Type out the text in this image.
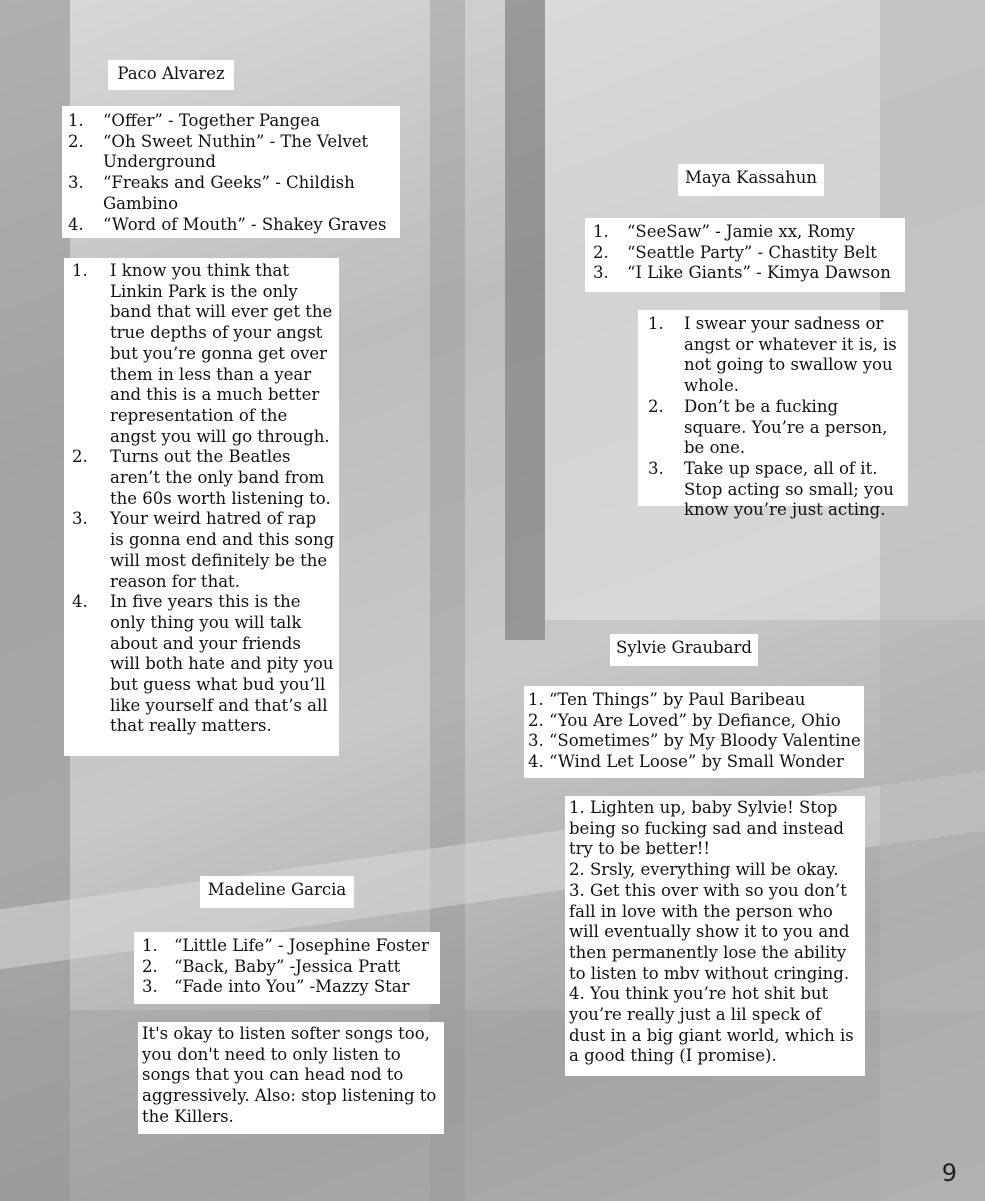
Paco Alvarez
1.	“Offer” - Together Pangea
2.	“Oh Sweet Nuthin” - The Velvet Underground
3.	“Freaks and Geeks” - Childish Gambino
4.	“Word of Mouth” - Shakey Graves
1.	I know you think that Linkin Park is the only band that will ever get the true depths of your angst but you’re gonna get over them in less than a year and this is a much better representation of the angst you will go through.
2.	Turns out the Beatles aren’t the only band from the 60s worth listening to.
3.	Your weird hatred of rap is gonna end and this song will most definitely be the reason for that.
4.	In five years this is the only thing you will talk about and your friends will both hate and pity you but guess what bud you’ll like yourself and that’s all that really matters.
Maya Kassahun
1.	“SeeSaw” - Jamie xx, Romy
2.	“Seattle Party” - Chastity Belt
3.	“I Like Giants” - Kimya Dawson
1.	I swear your sadness or angst or whatever it is, is not going to swallow you whole.
2.	Don’t be a fucking square. You’re a person, be one.
3.	Take up space, all of it. Stop acting so small; you know you’re just acting.
Sylvie Graubard
1. “Ten Things” by Paul Baribeau
2. “You Are Loved” by Defiance, Ohio
3. “Sometimes” by My Bloody Valentine
4. “Wind Let Loose” by Small Wonder
1. Lighten up, baby Sylvie! Stop being so fucking sad and instead try to be better!!
2. Srsly, everything will be okay.
3. Get this over with so you don’t fall in love with the person who will eventually show it to you and then permanently lose the ability to listen to mbv without cringing.
4. You think you’re hot shit but you’re really just a lil speck of dust in a big giant world, which is a good thing (I promise).
Madeline Garcia
1. “Little Life” - Josephine Foster
2. “Back, Baby” -Jessica Pratt
3. “Fade into You” -Mazzy Star
It's okay to listen softer songs too, you don't need to only listen to songs that you can head nod to aggressively. Also: stop listening to the Killers.
9
